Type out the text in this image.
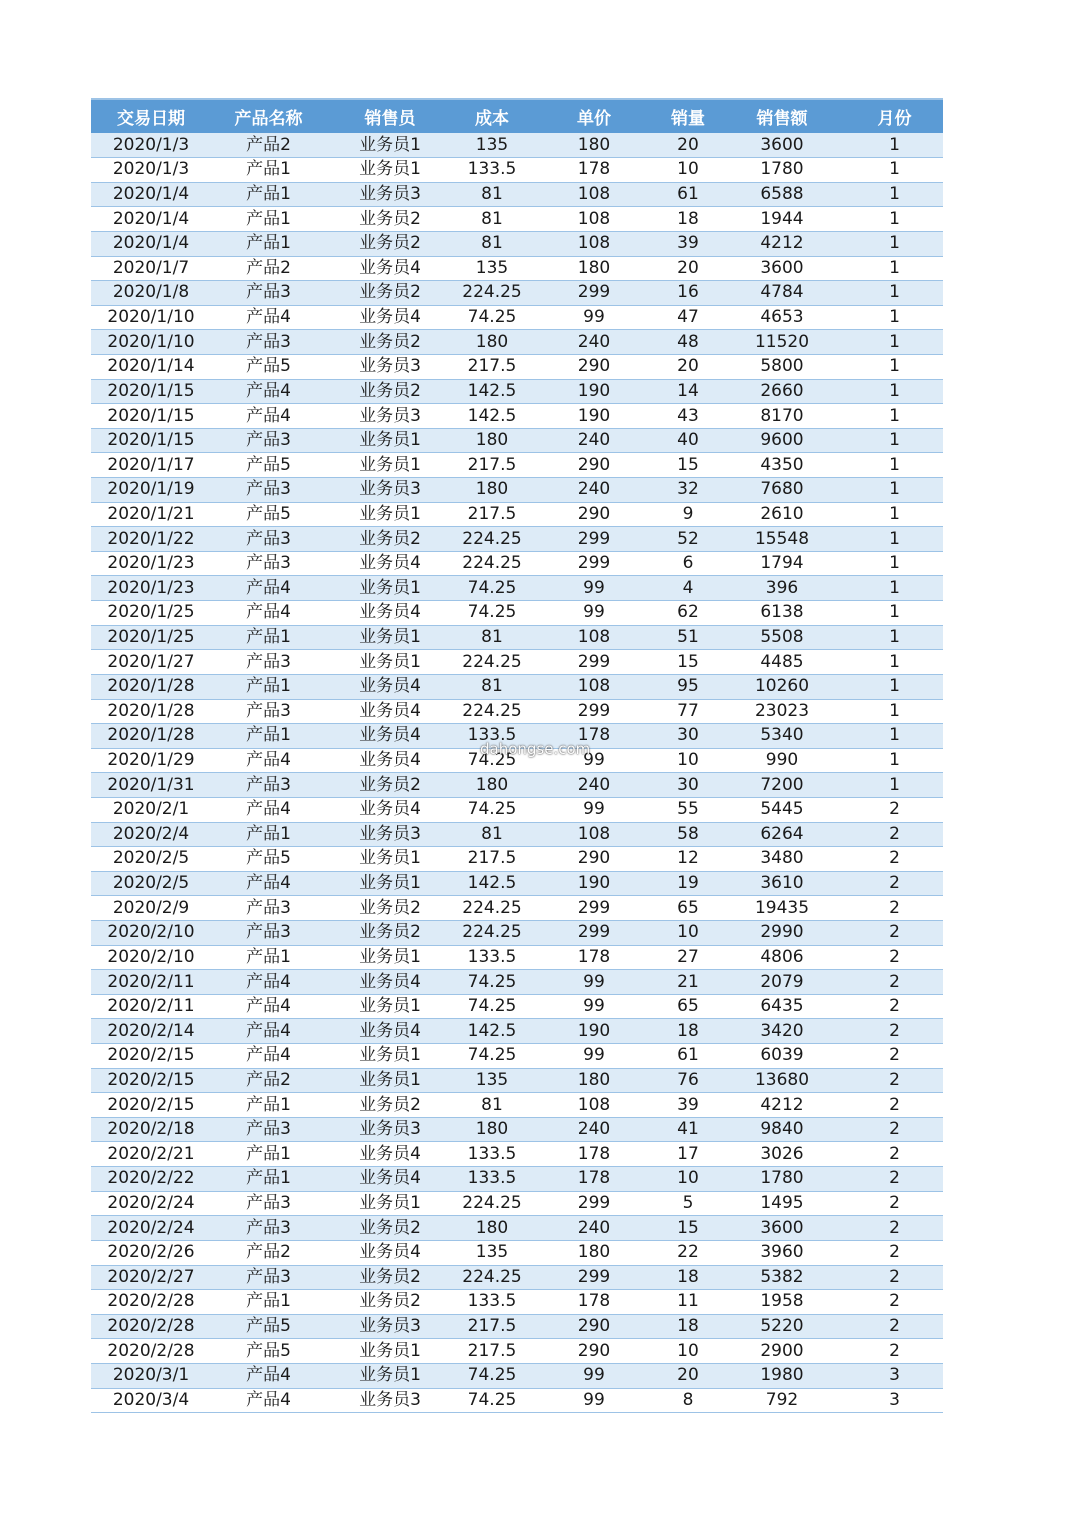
交易日期	产品名称	销售员	成本	单价	销量	销售额	月份
2020/1/3	产品2	业务员1	135	180	20	3600	1
2020/1/3	产品1	业务员1	133.5	178	10	1780	1
2020/1/4	产品1	业务员3	81	108	61	6588	1
2020/1/4	产品1	业务员2	81	108	18	1944	1
2020/1/4	产品1	业务员2	81	108	39	4212	1
2020/1/7	产品2	业务员4	135	180	20	3600	1
2020/1/8	产品3	业务员2	224.25	299	16	4784	1
2020/1/10	产品4	业务员4	74.25	99	47	4653	1
2020/1/10	产品3	业务员2	180	240	48	11520	1
2020/1/14	产品5	业务员3	217.5	290	20	5800	1
2020/1/15	产品4	业务员2	142.5	190	14	2660	1
2020/1/15	产品4	业务员3	142.5	190	43	8170	1
2020/1/15	产品3	业务员1	180	240	40	9600	1
2020/1/17	产品5	业务员1	217.5	290	15	4350	1
2020/1/19	产品3	业务员3	180	240	32	7680	1
2020/1/21	产品5	业务员1	217.5	290	9	2610	1
2020/1/22	产品3	业务员2	224.25	299	52	15548	1
2020/1/23	产品3	业务员4	224.25	299	6	1794	1
2020/1/23	产品4	业务员1	74.25	99	4	396	1
2020/1/25	产品4	业务员4	74.25	99	62	6138	1
2020/1/25	产品1	业务员1	81	108	51	5508	1
2020/1/27	产品3	业务员1	224.25	299	15	4485	1
2020/1/28	产品1	业务员4	81	108	95	10260	1
2020/1/28	产品3	业务员4	224.25	299	77	23023	1
2020/1/28	产品1	业务员4	133.5	178	30	5340	1
2020/1/29	产品4	业务员4	74.25	99	10	990	1
2020/1/31	产品3	业务员2	180	240	30	7200	1
2020/2/1	产品4	业务员4	74.25	99	55	5445	2
2020/2/4	产品1	业务员3	81	108	58	6264	2
2020/2/5	产品5	业务员1	217.5	290	12	3480	2
2020/2/5	产品4	业务员1	142.5	190	19	3610	2
2020/2/9	产品3	业务员2	224.25	299	65	19435	2
2020/2/10	产品3	业务员2	224.25	299	10	2990	2
2020/2/10	产品1	业务员1	133.5	178	27	4806	2
2020/2/11	产品4	业务员4	74.25	99	21	2079	2
2020/2/11	产品4	业务员1	74.25	99	65	6435	2
2020/2/14	产品4	业务员4	142.5	190	18	3420	2
2020/2/15	产品4	业务员1	74.25	99	61	6039	2
2020/2/15	产品2	业务员1	135	180	76	13680	2
2020/2/15	产品1	业务员2	81	108	39	4212	2
2020/2/18	产品3	业务员3	180	240	41	9840	2
2020/2/21	产品1	业务员4	133.5	178	17	3026	2
2020/2/22	产品1	业务员4	133.5	178	10	1780	2
2020/2/24	产品3	业务员1	224.25	299	5	1495	2
2020/2/24	产品3	业务员2	180	240	15	3600	2
2020/2/26	产品2	业务员4	135	180	22	3960	2
2020/2/27	产品3	业务员2	224.25	299	18	5382	2
2020/2/28	产品1	业务员2	133.5	178	11	1958	2
2020/2/28	产品5	业务员3	217.5	290	18	5220	2
2020/2/28	产品5	业务员1	217.5	290	10	2900	2
2020/3/1	产品4	业务员1	74.25	99	20	1980	3
2020/3/4	产品4	业务员3	74.25	99	8	792	3
dahongse.com
